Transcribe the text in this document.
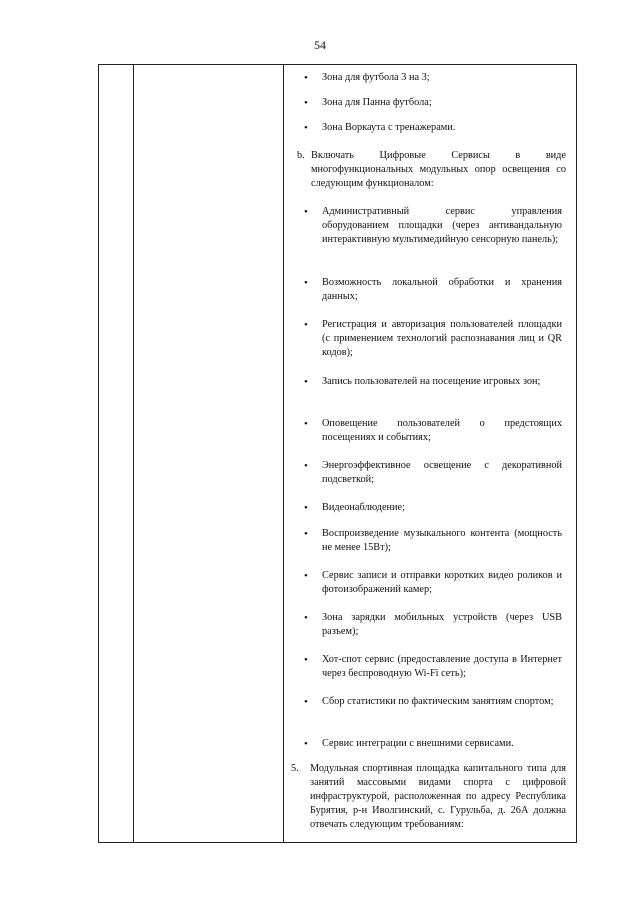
54
• Зона для футбола 3 на 3;
• Зона для Панна футбола;
• Зона Воркаута с тренажерами.
b. Включать Цифровые Сервисы в виде многофункциональных модульных опор освещения со следующим функционалом:
• Административный сервис управления оборудованием площадки (через антивандальную интерактивную мультимедийную сенсорную панель);
• Возможность локальной обработки и хранения данных;
• Регистрация и авторизация пользователей площадки (с применением технологий распознавания лиц и QR кодов);
• Запись пользователей на посещение игровых зон;
• Оповещение пользователей о предстоящих посещениях и событиях;
• Энергоэффективное освещение с декоративной подсветкой;
• Видеонаблюдение;
• Воспроизведение музыкального контента (мощность не менее 15Вт);
• Сервис записи и отправки коротких видео роликов и фотоизображений камер;
• Зона зарядки мобильных устройств (через USB разъем);
• Хот-спот сервис (предоставление доступа в Интернет через беспроводную Wi-Fi сеть);
• Сбор статистики по фактическим занятиям спортом;
• Сервис интеграции с внешними сервисами.
5. Модульная спортивная площадка капитального типа для занятий массовыми видами спорта с цифровой инфраструктурой, расположенная по адресу Республика Бурятия, р-н Иволгинский, с. Гурульба, д. 26А должна отвечать следующим требованиям:
